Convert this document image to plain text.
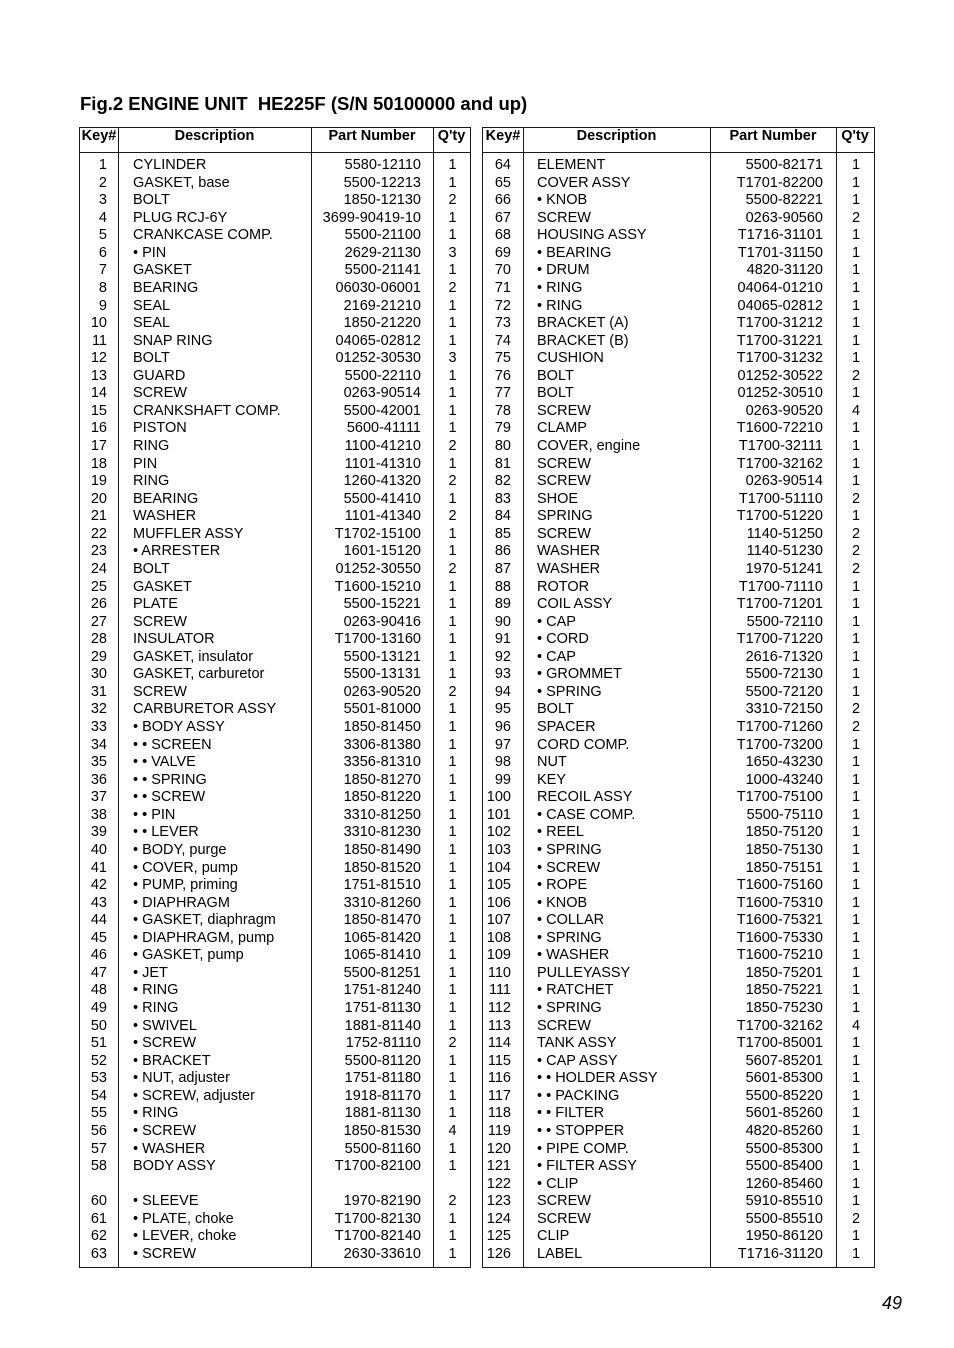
Fig.2 ENGINE UNIT  HE225F (S/N 50100000 and up)
Key#	Description	Part Number	Q'ty
1	CYLINDER	5580-12110	1
2	GASKET, base	5500-12213	1
3	BOLT	1850-12130	2
4	PLUG RCJ-6Y	3699-90419-10	1
5	CRANKCASE COMP.	5500-21100	1
6	• PIN	2629-21130	3
7	GASKET	5500-21141	1
8	BEARING	06030-06001	2
9	SEAL	2169-21210	1
10	SEAL	1850-21220	1
11	SNAP RING	04065-02812	1
12	BOLT	01252-30530	3
13	GUARD	5500-22110	1
14	SCREW	0263-90514	1
15	CRANKSHAFT COMP.	5500-42001	1
16	PISTON	5600-41111	1
17	RING	1100-41210	2
18	PIN	1101-41310	1
19	RING	1260-41320	2
20	BEARING	5500-41410	1
21	WASHER	1101-41340	2
22	MUFFLER ASSY	T1702-15100	1
23	• ARRESTER	1601-15120	1
24	BOLT	01252-30550	2
25	GASKET	T1600-15210	1
26	PLATE	5500-15221	1
27	SCREW	0263-90416	1
28	INSULATOR	T1700-13160	1
29	GASKET, insulator	5500-13121	1
30	GASKET, carburetor	5500-13131	1
31	SCREW	0263-90520	2
32	CARBURETOR ASSY	5501-81000	1
33	• BODY ASSY	1850-81450	1
34	• • SCREEN	3306-81380	1
35	• • VALVE	3356-81310	1
36	• • SPRING	1850-81270	1
37	• • SCREW	1850-81220	1
38	• • PIN	3310-81250	1
39	• • LEVER	3310-81230	1
40	• BODY, purge	1850-81490	1
41	• COVER, pump	1850-81520	1
42	• PUMP, priming	1751-81510	1
43	• DIAPHRAGM	3310-81260	1
44	• GASKET, diaphragm	1850-81470	1
45	• DIAPHRAGM, pump	1065-81420	1
46	• GASKET, pump	1065-81410	1
47	• JET	5500-81251	1
48	• RING	1751-81240	1
49	• RING	1751-81130	1
50	• SWIVEL	1881-81140	1
51	• SCREW	1752-81110	2
52	• BRACKET	5500-81120	1
53	• NUT, adjuster	1751-81180	1
54	• SCREW, adjuster	1918-81170	1
55	• RING	1881-81130	1
56	• SCREW	1850-81530	4
57	• WASHER	5500-81160	1
58	BODY ASSY	T1700-82100	1
60	• SLEEVE	1970-82190	2
61	• PLATE, choke	T1700-82130	1
62	• LEVER, choke	T1700-82140	1
63	• SCREW	2630-33610	1
Key#	Description	Part Number	Q'ty
64	ELEMENT	5500-82171	1
65	COVER ASSY	T1701-82200	1
66	• KNOB	5500-82221	1
67	SCREW	0263-90560	2
68	HOUSING ASSY	T1716-31101	1
69	• BEARING	T1701-31150	1
70	• DRUM	4820-31120	1
71	• RING	04064-01210	1
72	• RING	04065-02812	1
73	BRACKET (A)	T1700-31212	1
74	BRACKET (B)	T1700-31221	1
75	CUSHION	T1700-31232	1
76	BOLT	01252-30522	2
77	BOLT	01252-30510	1
78	SCREW	0263-90520	4
79	CLAMP	T1600-72210	1
80	COVER, engine	T1700-32111	1
81	SCREW	T1700-32162	1
82	SCREW	0263-90514	1
83	SHOE	T1700-51110	2
84	SPRING	T1700-51220	1
85	SCREW	1140-51250	2
86	WASHER	1140-51230	2
87	WASHER	1970-51241	2
88	ROTOR	T1700-71110	1
89	COIL ASSY	T1700-71201	1
90	• CAP	5500-72110	1
91	• CORD	T1700-71220	1
92	• CAP	2616-71320	1
93	• GROMMET	5500-72130	1
94	• SPRING	5500-72120	1
95	BOLT	3310-72150	2
96	SPACER	T1700-71260	2
97	CORD COMP.	T1700-73200	1
98	NUT	1650-43230	1
99	KEY	1000-43240	1
100	RECOIL ASSY	T1700-75100	1
101	• CASE COMP.	5500-75110	1
102	• REEL	1850-75120	1
103	• SPRING	1850-75130	1
104	• SCREW	1850-75151	1
105	• ROPE	T1600-75160	1
106	• KNOB	T1600-75310	1
107	• COLLAR	T1600-75321	1
108	• SPRING	T1600-75330	1
109	• WASHER	T1600-75210	1
110	PULLEYASSY	1850-75201	1
111	• RATCHET	1850-75221	1
112	• SPRING	1850-75230	1
113	SCREW	T1700-32162	4
114	TANK ASSY	T1700-85001	1
115	• CAP ASSY	5607-85201	1
116	• • HOLDER ASSY	5601-85300	1
117	• • PACKING	5500-85220	1
118	• • FILTER	5601-85260	1
119	• • STOPPER	4820-85260	1
120	• PIPE COMP.	5500-85300	1
121	• FILTER ASSY	5500-85400	1
122	• CLIP	1260-85460	1
123	SCREW	5910-85510	1
124	SCREW	5500-85510	2
125	CLIP	1950-86120	1
126	LABEL	T1716-31120	1
49
